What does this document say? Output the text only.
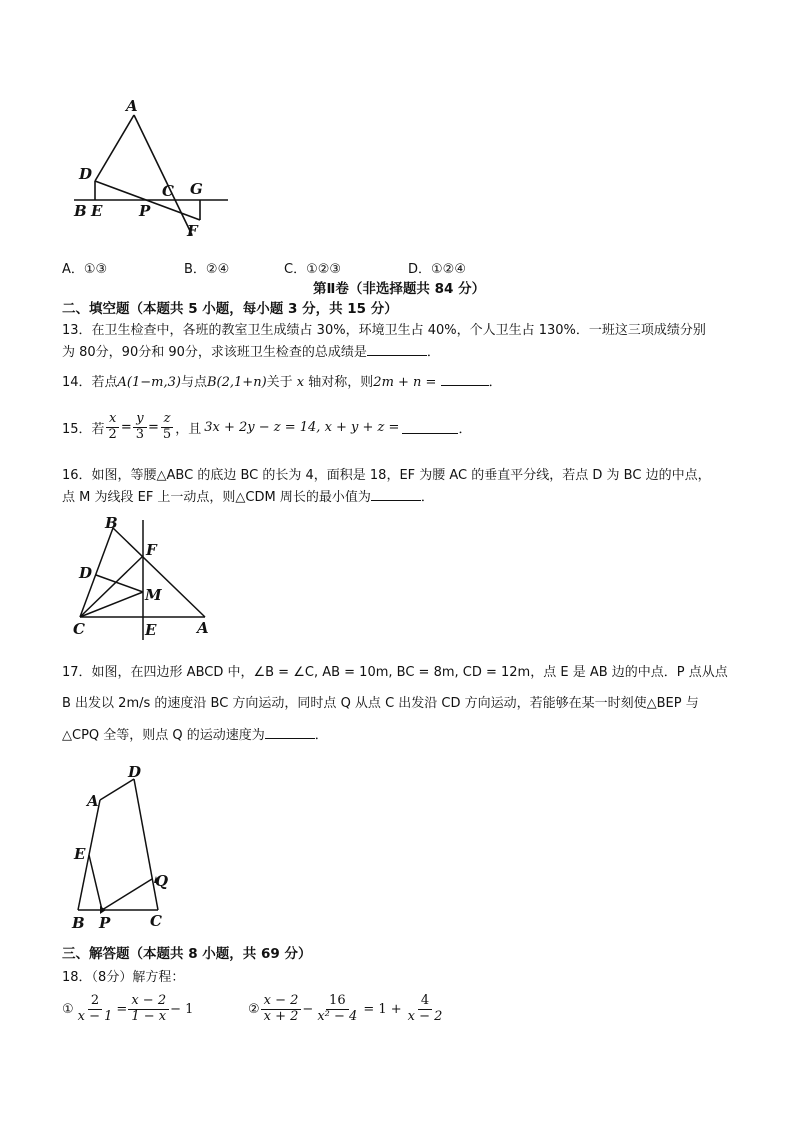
A
D
C G
B E P
F
A．①③	B．②④	C．①②③	D．①②④
第Ⅱ卷（非选择题共 84 分）
二、填空题（本题共 5 小题，每小题 3 分，共 15 分）
13．在卫生检查中，各班的教室卫生成绩占 30%，环境卫生占 40%，个人卫生占 130%．一班这三项成绩分别
为 80分，90分和 90分，求该班卫生检查的总成绩是	．
14．若点A(1−m,3)与点B(2,1+n)关于 x 轴对称，则2m + n =	．
15．若 $\frac{x}{2} = \frac{y}{3} = \frac{z}{5}$ ，且 3x + 2y − z = 14, x + y + z =	．
16．如图，等腰△ABC 的底边 BC 的长为 4，面积是 18，EF 为腰 AC 的垂直平分线，若点 D 为 BC 边的中点，
点 M 为线段 EF 上一动点，则△CDM 周长的最小值为	．
B
F
D
M
C	E	A
17．如图，在四边形 ABCD 中，∠B = ∠C, AB = 10m, BC = 8m, CD = 12m，点 E 是 AB 边的中点．P 点从点
B 出发以 2m/s 的速度沿 BC 方向运动，同时点 Q 从点 C 出发沿 CD 方向运动，若能够在某一时刻使△BEP 与
△CPQ 全等，则点 Q 的运动速度为	．
D
A
E
Q
B P	C
三、解答题（本题共 8 小题，共 69 分）
18．（8分）解方程：
① $\frac{2}{x - 1} = \frac{x - 2}{1 - x} - 1$	② $\frac{x - 2}{x + 2} - \frac{16}{\text{x² − 4}} = 1 + \frac{4}{x - 2}$
